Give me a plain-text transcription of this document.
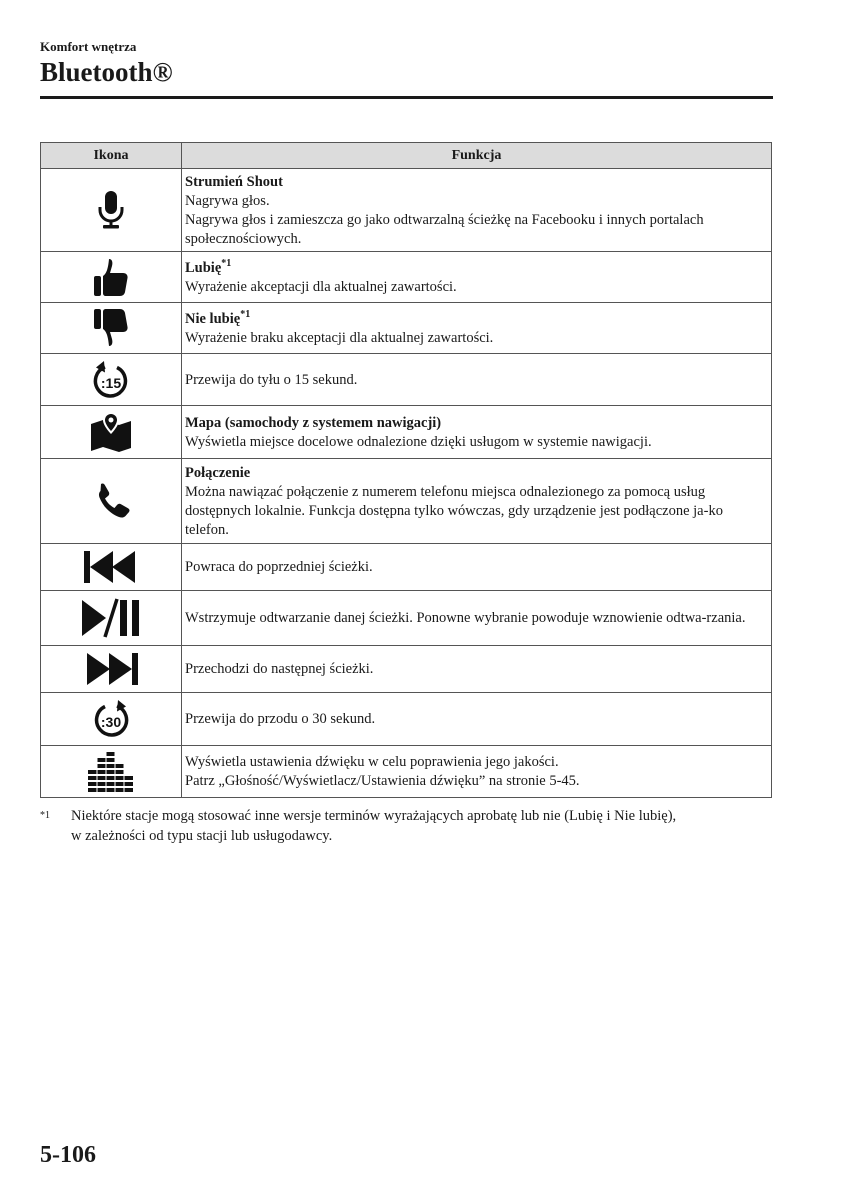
Komfort wnętrza
Bluetooth®
Ikona	Funkcja

Strumień Shout
Nagrywa głos.
Nagrywa głos i zamieszcza go jako odtwarzalną ścieżkę na Facebooku i innych portalach społecznościowych.

Lubię$^{*1}$
Wyrażenie akceptacji dla aktualnej zawartości.

Nie lubię$^{*1}$
Wyrażenie braku akceptacji dla aktualnej zawartości.

:15	Przewija do tyłu o 15 sekund.

Mapa (samochody z systemem nawigacji)
Wyświetla miejsce docelowe odnalezione dzięki usługom w systemie nawigacji.

Połączenie
Można nawiązać połączenie z numerem telefonu miejsca odnalezionego za pomocą usług dostępnych lokalnie. Funkcja dostępna tylko wówczas, gdy urządzenie jest podłączone ja-ko telefon.

Powraca do poprzedniej ścieżki.

Wstrzymuje odtwarzanie danej ścieżki. Ponowne wybranie powoduje wznowienie odtwa-rzania.

Przechodzi do następnej ścieżki.

:30	Przewija do przodu o 30 sekund.

Wyświetla ustawienia dźwięku w celu poprawienia jego jakości.
Patrz „Głośność/Wyświetlacz/Ustawienia dźwięku” na stronie 5-45.
$^{*1}$ Niektóre stacje mogą stosować inne wersje terminów wyrażających aprobatę lub nie (Lubię i Nie lubię),
w zależności od typu stacji lub usługodawcy.
5-106
